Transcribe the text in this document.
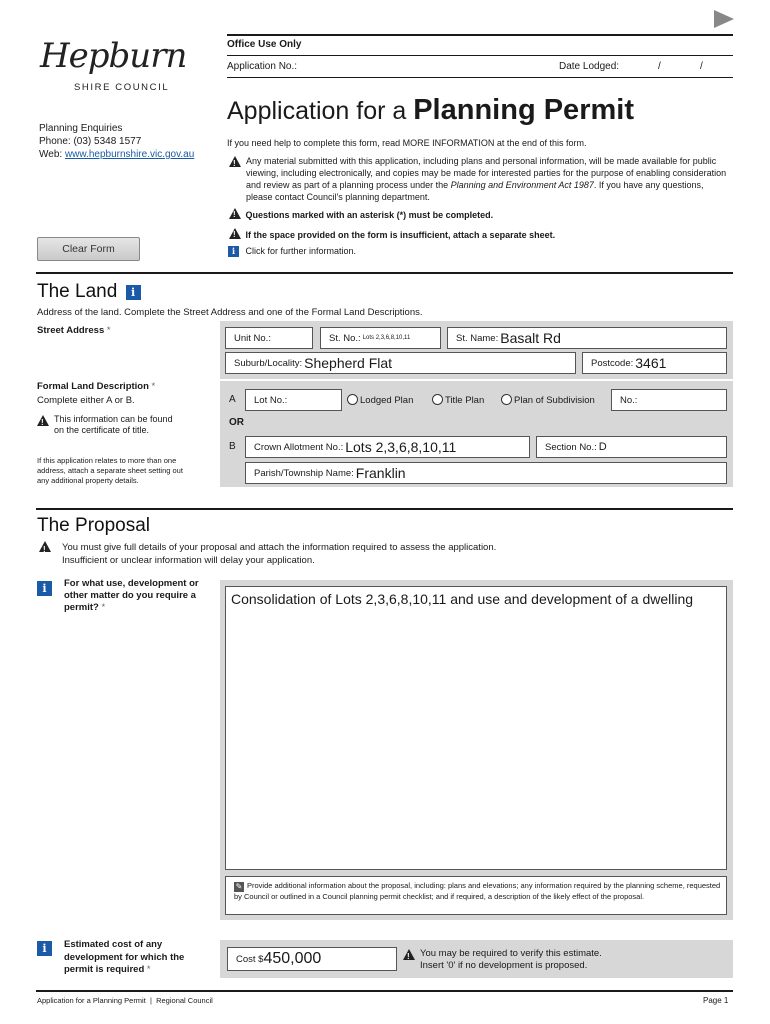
Hepburn
SHIRE COUNCIL
Planning Enquiries
Phone: (03) 5348 1577
Web: www.hepburnshire.vic.gov.au
Clear Form
Office Use Only
Application No.:	Date Lodged:	/	/
Application for a Planning Permit
If you need help to complete this form, read MORE INFORMATION at the end of this form.
!
Any material submitted with this application, including plans and personal information, will be made available for public viewing, including electronically, and copies may be made for interested parties for the purpose of enabling consideration and review as part of a planning process under the Planning and Environment Act 1987. If you have any questions, please contact Council's planning department.
! Questions marked with an asterisk (*) must be completed.
! If the space provided on the form is insufficient, attach a separate sheet.
i Click for further information.
The Land i
Address of the land. Complete the Street Address and one of the Formal Land Descriptions.
Street Address *
Unit No.:	St. No.: Lots 2,3,6,8,10,11	St. Name: Basalt Rd
Suburb/Locality: Shepherd Flat	Postcode: 3461
Formal Land Description *
Complete either A or B.
!
This information can be found on the certificate of title.
If this application relates to more than one address, attach a separate sheet setting out any additional property details.
A Lot No.:	Lodged Plan	Title Plan	Plan of Subdivision	No.:
OR
B Crown Allotment No.: Lots 2,3,6,8,10,11	Section No.: D
Parish/Township Name: Franklin
The Proposal
!
You must give full details of your proposal and attach the information required to assess the application.
Insufficient or unclear information will delay your application.
i	For what use, development or other matter do you require a permit? *
Consolidation of Lots 2,3,6,8,10,11 and use and development of a dwelling
✎ Provide additional information about the proposal, including: plans and elevations; any information required by the planning scheme, requested by Council or outlined in a Council planning permit checklist; and if required, a description of the likely effect of the proposal.
i	Estimated cost of any development for which the permit is required *
Cost $ 450,000
!	You may be required to verify this estimate.
Insert '0' if no development is proposed.
Application for a Planning Permit  |  Regional Council	Page 1
